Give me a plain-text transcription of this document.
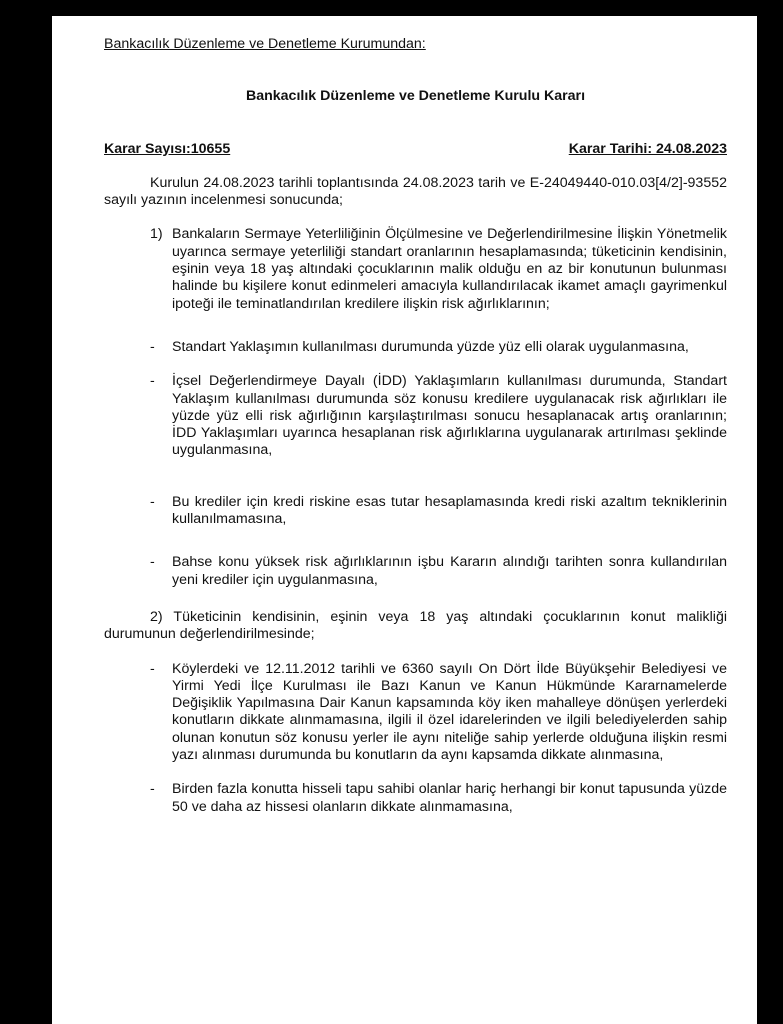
Bankacılık Düzenleme ve Denetleme Kurumundan:

Bankacılık Düzenleme ve Denetleme Kurulu Kararı

Karar Sayısı:10655	Karar Tarihi: 24.08.2023

Kurulun 24.08.2023 tarihli toplantısında 24.08.2023 tarih ve E-24049440-010.03[4/2]-93552 sayılı yazının incelenmesi sonucunda;

1) Bankaların Sermaye Yeterliliğinin Ölçülmesine ve Değerlendirilmesine İlişkin Yönetmelik uyarınca sermaye yeterliliği standart oranlarının hesaplamasında; tüketicinin kendisinin, eşinin veya 18 yaş altındaki çocuklarının malik olduğu en az bir konutunun bulunması halinde bu kişilere konut edinmeleri amacıyla kullandırılacak ikamet amaçlı gayrimenkul ipoteği ile teminatlandırılan kredilere ilişkin risk ağırlıklarının;
-	Standart Yaklaşımın kullanılması durumunda yüzde yüz elli olarak uygulanmasına,
-	İçsel Değerlendirmeye Dayalı (İDD) Yaklaşımların kullanılması durumunda, Standart Yaklaşım kullanılması durumunda söz konusu kredilere uygulanacak risk ağırlıkları ile yüzde yüz elli risk ağırlığının karşılaştırılması sonucu hesaplanacak artış oranlarının; İDD Yaklaşımları uyarınca hesaplanan risk ağırlıklarına uygulanarak artırılması şeklinde uygulanmasına,
-	Bu krediler için kredi riskine esas tutar hesaplamasında kredi riski azaltım tekniklerinin kullanılmamasına,
-	Bahse konu yüksek risk ağırlıklarının işbu Kararın alındığı tarihten sonra kullandırılan yeni krediler için uygulanmasına,

2) Tüketicinin kendisinin, eşinin veya 18 yaş altındaki çocuklarının konut malikliği durumunun değerlendirilmesinde;

-	Köylerdeki ve 12.11.2012 tarihli ve 6360 sayılı On Dört İlde Büyükşehir Belediyesi ve Yirmi Yedi İlçe Kurulması ile Bazı Kanun ve Kanun Hükmünde Kararnamelerde Değişiklik Yapılmasına Dair Kanun kapsamında köy iken mahalleye dönüşen yerlerdeki konutların dikkate alınmamasına, ilgili il özel idarelerinden ve ilgili belediyelerden sahip olunan konutun söz konusu yerler ile aynı niteliğe sahip yerlerde olduğuna ilişkin resmi yazı alınması durumunda bu konutların da aynı kapsamda dikkate alınmasına,
-	Birden fazla konutta hisseli tapu sahibi olanlar hariç herhangi bir konut tapusunda yüzde 50 ve daha az hissesi olanların dikkate alınmamasına,
